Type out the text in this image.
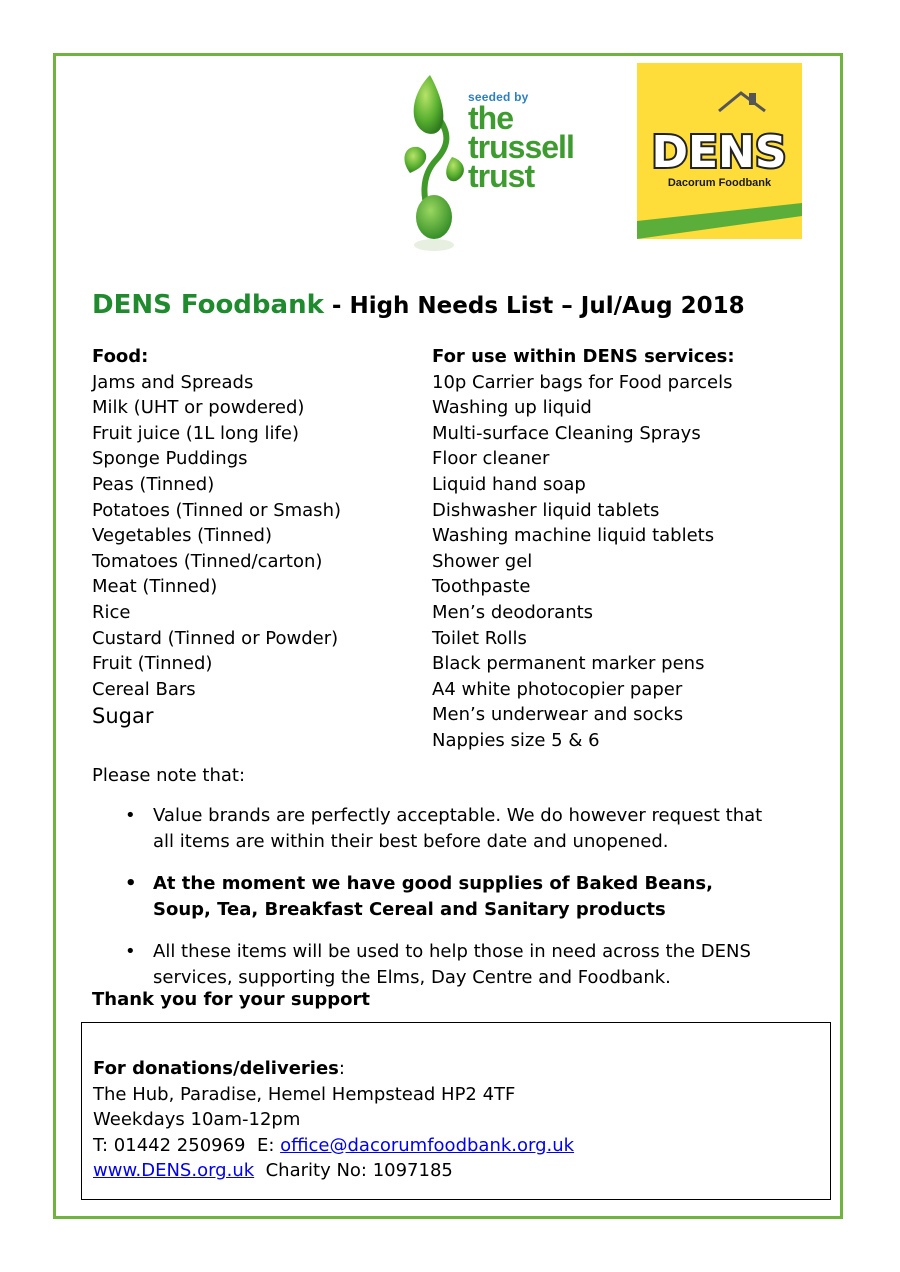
seeded by
the
trussell
trust	DENS
Dacorum Foodbank
DENS Foodbank - High Needs List – Jul/Aug 2018
Food:
Jams and Spreads
Milk (UHT or powdered)
Fruit juice (1L long life)
Sponge Puddings
Peas (Tinned)
Potatoes (Tinned or Smash)
Vegetables (Tinned)
Tomatoes (Tinned/carton)
Meat (Tinned)
Rice
Custard (Tinned or Powder)
Fruit (Tinned)
Cereal Bars
Sugar
For use within DENS services:
10p Carrier bags for Food parcels
Washing up liquid
Multi-surface Cleaning Sprays
Floor cleaner
Liquid hand soap
Dishwasher liquid tablets
Washing machine liquid tablets
Shower gel
Toothpaste
Men’s deodorants
Toilet Rolls
Black permanent marker pens
A4 white photocopier paper
Men’s underwear and socks
Nappies size 5 & 6
Please note that:
• Value brands are perfectly acceptable. We do however request that
all items are within their best before date and unopened.
• At the moment we have good supplies of Baked Beans,
Soup, Tea, Breakfast Cereal and Sanitary products
• All these items will be used to help those in need across the DENS
services, supporting the Elms, Day Centre and Foodbank.
Thank you for your support
For donations/deliveries:
The Hub, Paradise, Hemel Hempstead HP2 4TF
Weekdays 10am-12pm
T: 01442 250969  E: office@dacorumfoodbank.org.uk
www.DENS.org.uk  Charity No: 1097185
